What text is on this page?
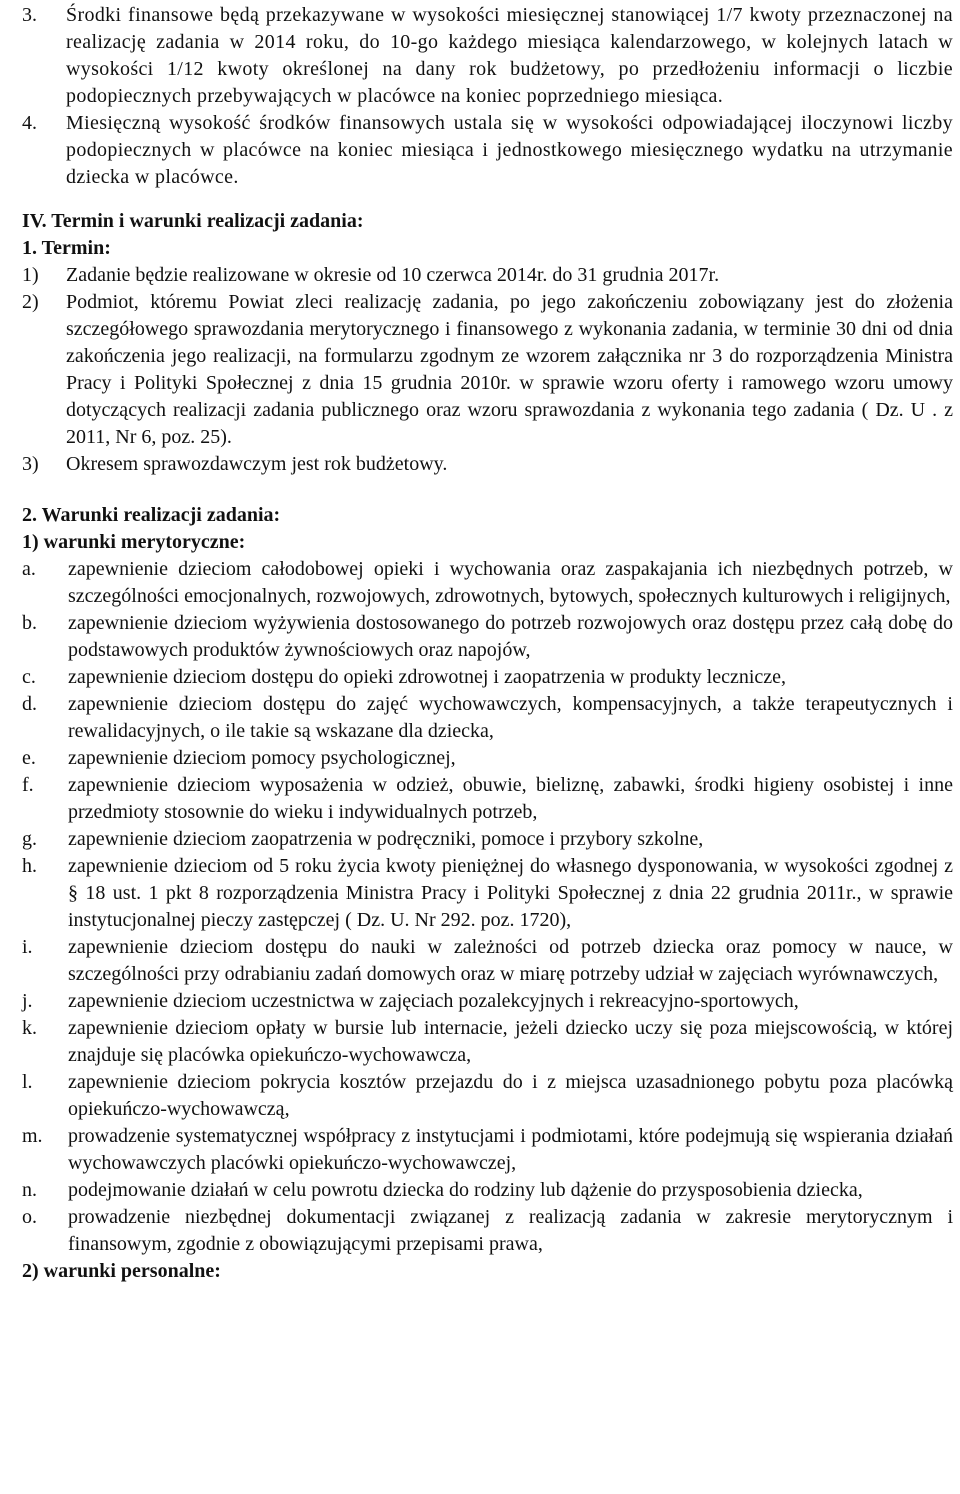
3.	Środki finansowe będą przekazywane w wysokości miesięcznej stanowiącej 1/7 kwoty przeznaczonej na realizację zadania w 2014 roku, do 10-go każdego miesiąca kalendarzowego, w kolejnych latach w wysokości 1/12 kwoty określonej na dany rok budżetowy, po przedłożeniu informacji o liczbie podopiecznych przebywających w placówce na koniec poprzedniego miesiąca.
4.	Miesięczną wysokość środków finansowych ustala się w wysokości odpowiadającej iloczynowi liczby podopiecznych w placówce na koniec miesiąca i jednostkowego miesięcznego wydatku na utrzymanie dziecka w placówce.

IV. Termin i warunki realizacji zadania:

1. Termin:

1)	Zadanie będzie realizowane w okresie od 10 czerwca 2014r. do 31 grudnia 2017r.
2)	Podmiot, któremu Powiat zleci realizację zadania, po jego zakończeniu zobowiązany jest do złożenia szczegółowego sprawozdania merytorycznego i finansowego z wykonania zadania, w terminie 30 dni od dnia zakończenia jego realizacji, na formularzu zgodnym ze wzorem załącznika nr 3 do rozporządzenia Ministra Pracy i Polityki Społecznej z dnia 15 grudnia 2010r. w sprawie wzoru oferty i ramowego wzoru umowy dotyczących realizacji zadania publicznego oraz wzoru sprawozdania z wykonania tego zadania ( Dz. U . z 2011, Nr 6, poz. 25).
3)	Okresem sprawozdawczym jest rok budżetowy.

2. Warunki realizacji zadania:

1) warunki merytoryczne:

a.	zapewnienie dzieciom całodobowej opieki i wychowania oraz zaspakajania ich niezbędnych potrzeb, w szczególności emocjonalnych, rozwojowych, zdrowotnych, bytowych, społecznych kulturowych i religijnych,
b.	zapewnienie dzieciom wyżywienia dostosowanego do potrzeb rozwojowych oraz dostępu przez całą dobę do podstawowych produktów żywnościowych oraz napojów,
c.	zapewnienie dzieciom dostępu do opieki zdrowotnej i zaopatrzenia w produkty lecznicze,
d.	zapewnienie dzieciom dostępu do zajęć wychowawczych, kompensacyjnych, a także terapeutycznych i rewalidacyjnych, o ile takie są wskazane dla dziecka,
e.	zapewnienie dzieciom pomocy psychologicznej,
f.	zapewnienie dzieciom wyposażenia w odzież, obuwie, bieliznę, zabawki, środki higieny osobistej i inne przedmioty stosownie do wieku i indywidualnych potrzeb,
g.	zapewnienie dzieciom zaopatrzenia w podręczniki, pomoce i przybory szkolne,
h.	zapewnienie dzieciom od 5 roku życia kwoty pieniężnej do własnego dysponowania, w wysokości zgodnej z § 18 ust. 1 pkt 8 rozporządzenia Ministra Pracy i Polityki Społecznej z dnia 22 grudnia 2011r., w sprawie instytucjonalnej pieczy zastępczej ( Dz. U. Nr 292. poz. 1720),
i.	zapewnienie dzieciom dostępu do nauki w zależności od potrzeb dziecka oraz pomocy w nauce, w szczególności przy odrabianiu zadań domowych oraz w miarę potrzeby udział w zajęciach wyrównawczych,
j.	zapewnienie dzieciom uczestnictwa w zajęciach pozalekcyjnych i rekreacyjno-sportowych,
k.	zapewnienie dzieciom opłaty w bursie lub internacie, jeżeli dziecko uczy się poza miejscowością, w której znajduje się placówka opiekuńczo-wychowawcza,
l.	zapewnienie dzieciom pokrycia kosztów przejazdu do i z miejsca uzasadnionego pobytu poza placówką opiekuńczo-wychowawczą,
m.	prowadzenie systematycznej współpracy z instytucjami i podmiotami, które podejmują się wspierania działań wychowawczych placówki opiekuńczo-wychowawczej,
n.	podejmowanie działań w celu powrotu dziecka do rodziny lub dążenie do przysposobienia dziecka,
o.	prowadzenie niezbędnej dokumentacji związanej z realizacją zadania w zakresie merytorycznym i finansowym, zgodnie z obowiązującymi przepisami prawa,

2) warunki personalne:
